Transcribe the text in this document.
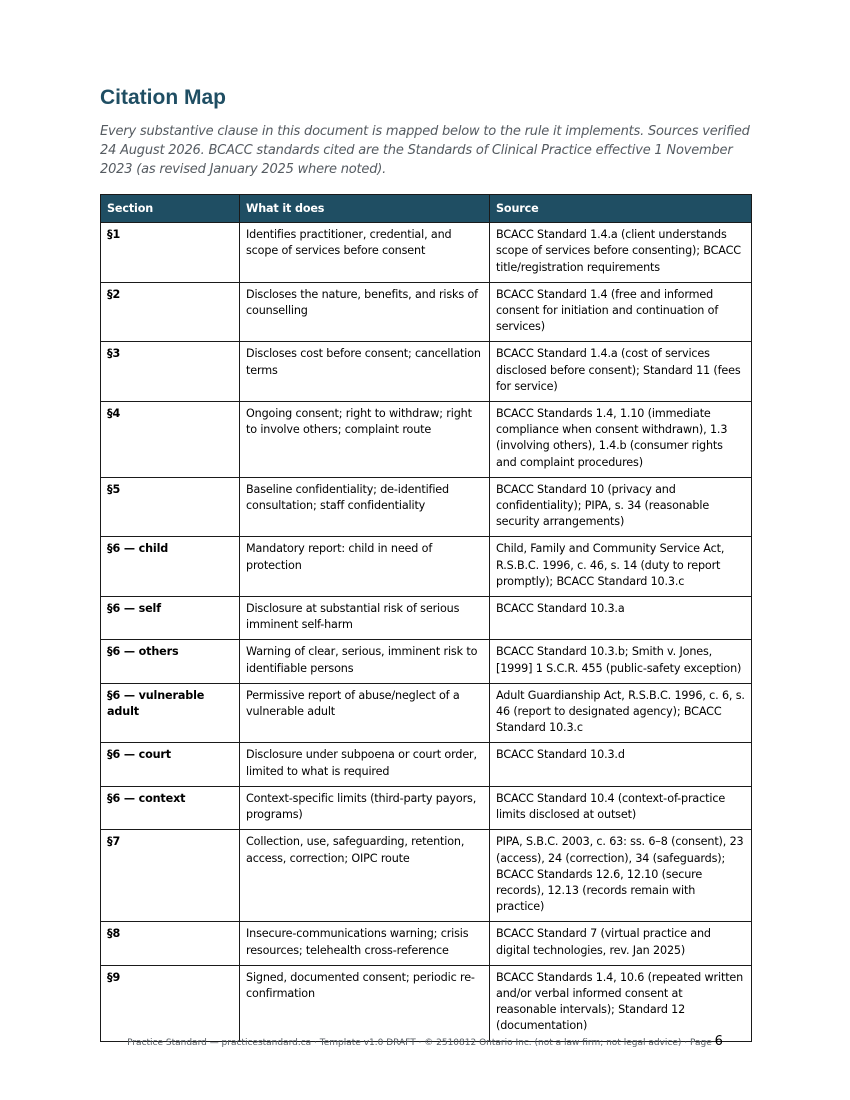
Citation Map

Every substantive clause in this document is mapped below to the rule it implements. Sources verified 24 August 2026. BCACC standards cited are the Standards of Clinical Practice effective 1 November 2023 (as revised January 2025 where noted).

Section	What it does	Source
§1	Identifies practitioner, credential, and scope of services before consent	BCACC Standard 1.4.a (client understands scope of services before consenting); BCACC title/registration requirements
§2	Discloses the nature, benefits, and risks of counselling	BCACC Standard 1.4 (free and informed consent for initiation and continuation of services)
§3	Discloses cost before consent; cancellation terms	BCACC Standard 1.4.a (cost of services disclosed before consent); Standard 11 (fees for service)
§4	Ongoing consent; right to withdraw; right to involve others; complaint route	BCACC Standards 1.4, 1.10 (immediate compliance when consent withdrawn), 1.3 (involving others), 1.4.b (consumer rights and complaint procedures)
§5	Baseline confidentiality; de-identified consultation; staff confidentiality	BCACC Standard 10 (privacy and confidentiality); PIPA, s. 34 (reasonable security arrangements)
§6 — child	Mandatory report: child in need of protection	Child, Family and Community Service Act, R.S.B.C. 1996, c. 46, s. 14 (duty to report promptly); BCACC Standard 10.3.c
§6 — self	Disclosure at substantial risk of serious imminent self-harm	BCACC Standard 10.3.a
§6 — others	Warning of clear, serious, imminent risk to identifiable persons	BCACC Standard 10.3.b; Smith v. Jones, [1999] 1 S.C.R. 455 (public-safety exception)
§6 — vulnerable adult	Permissive report of abuse/neglect of a vulnerable adult	Adult Guardianship Act, R.S.B.C. 1996, c. 6, s. 46 (report to designated agency); BCACC Standard 10.3.c
§6 — court	Disclosure under subpoena or court order, limited to what is required	BCACC Standard 10.3.d
§6 — context	Context-specific limits (third-party payors, programs)	BCACC Standard 10.4 (context-of-practice limits disclosed at outset)
§7	Collection, use, safeguarding, retention, access, correction; OIPC route	PIPA, S.B.C. 2003, c. 63: ss. 6–8 (consent), 23 (access), 24 (correction), 34 (safeguards); BCACC Standards 12.6, 12.10 (secure records), 12.13 (records remain with practice)
§8	Insecure-communications warning; crisis resources; telehealth cross-reference	BCACC Standard 7 (virtual practice and digital technologies, rev. Jan 2025)
§9	Signed, documented consent; periodic re-confirmation	BCACC Standards 1.4, 10.6 (repeated written and/or verbal informed consent at reasonable intervals); Standard 12 (documentation)
Practice Standard — practicestandard.ca · Template v1.0 DRAFT · © 2510812 Ontario Inc. (not a law firm; not legal advice) · Page 6
